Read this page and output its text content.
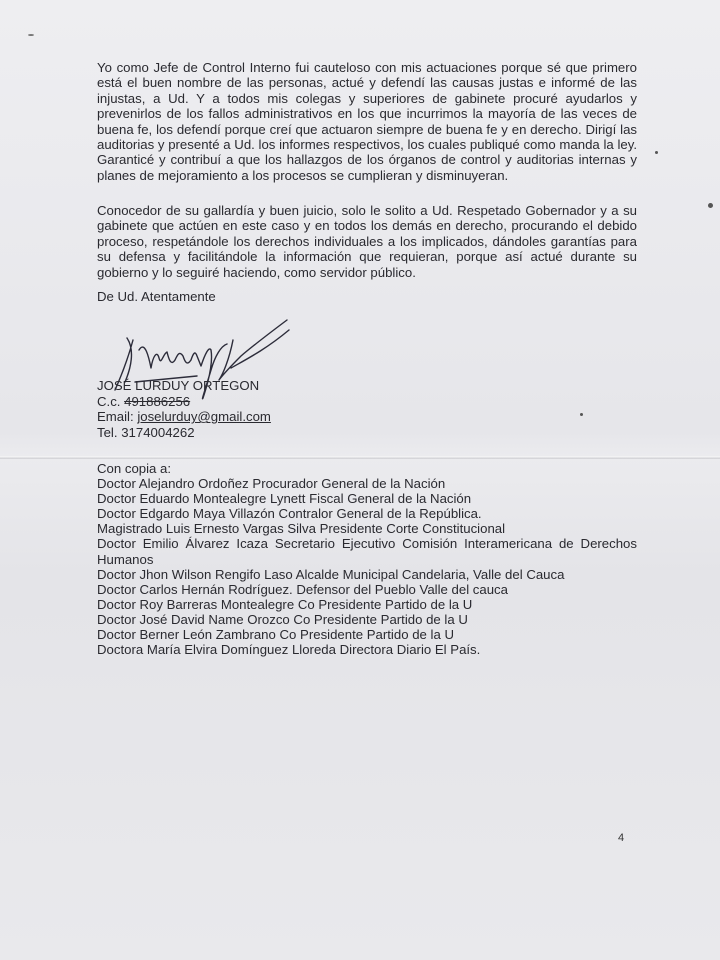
Yo como Jefe de Control Interno fui cauteloso con mis actuaciones porque sé que primero está el buen nombre de las personas, actué y defendí las causas justas e informé de las injustas, a Ud. Y a todos mis colegas y superiores de gabinete procuré ayudarlos y prevenirlos de los fallos administrativos en los que incurrimos la mayoría de las veces de buena fe, los defendí porque creí que actuaron siempre de buena fe y en derecho. Dirigí las auditorias y presenté a Ud. los informes respectivos, los cuales publiqué como manda la ley. Garanticé y contribuí a que los hallazgos de los órganos de control y auditorias internas y planes de mejoramiento a los procesos se cumplieran y disminuyeran.

Conocedor de su gallardía y buen juicio, solo le solito a Ud. Respetado Gobernador y a su gabinete que actúen en este caso y en todos los demás en derecho, procurando el debido proceso, respetándole los derechos individuales a los implicados, dándoles garantías para su defensa y facilitándole la información que requieran, porque así actué durante su gobierno y lo seguiré haciendo, como servidor público.

De Ud. Atentamente

JOSÉ LURDUY ORTEGON
C.c. 491886256
Email: joselurduy@gmail.com
Tel. 3174004262
Con copia a:
Doctor Alejandro Ordoñez Procurador General de la Nación
Doctor Eduardo Montealegre Lynett Fiscal General de la Nación
Doctor Edgardo Maya Villazón Contralor General de la República.
Magistrado Luis Ernesto Vargas Silva Presidente Corte Constitucional
Doctor Emilio Álvarez Icaza Secretario Ejecutivo Comisión Interamericana de Derechos Humanos
Doctor Jhon Wilson Rengifo Laso Alcalde Municipal Candelaria, Valle del Cauca
Doctor Carlos Hernán Rodríguez. Defensor del Pueblo Valle del cauca
Doctor Roy Barreras Montealegre Co Presidente Partido de la U
Doctor José David Name Orozco Co Presidente Partido de la U
Doctor Berner León Zambrano Co Presidente Partido de la U
Doctora María Elvira Domínguez Lloreda Directora Diario El País.
4
